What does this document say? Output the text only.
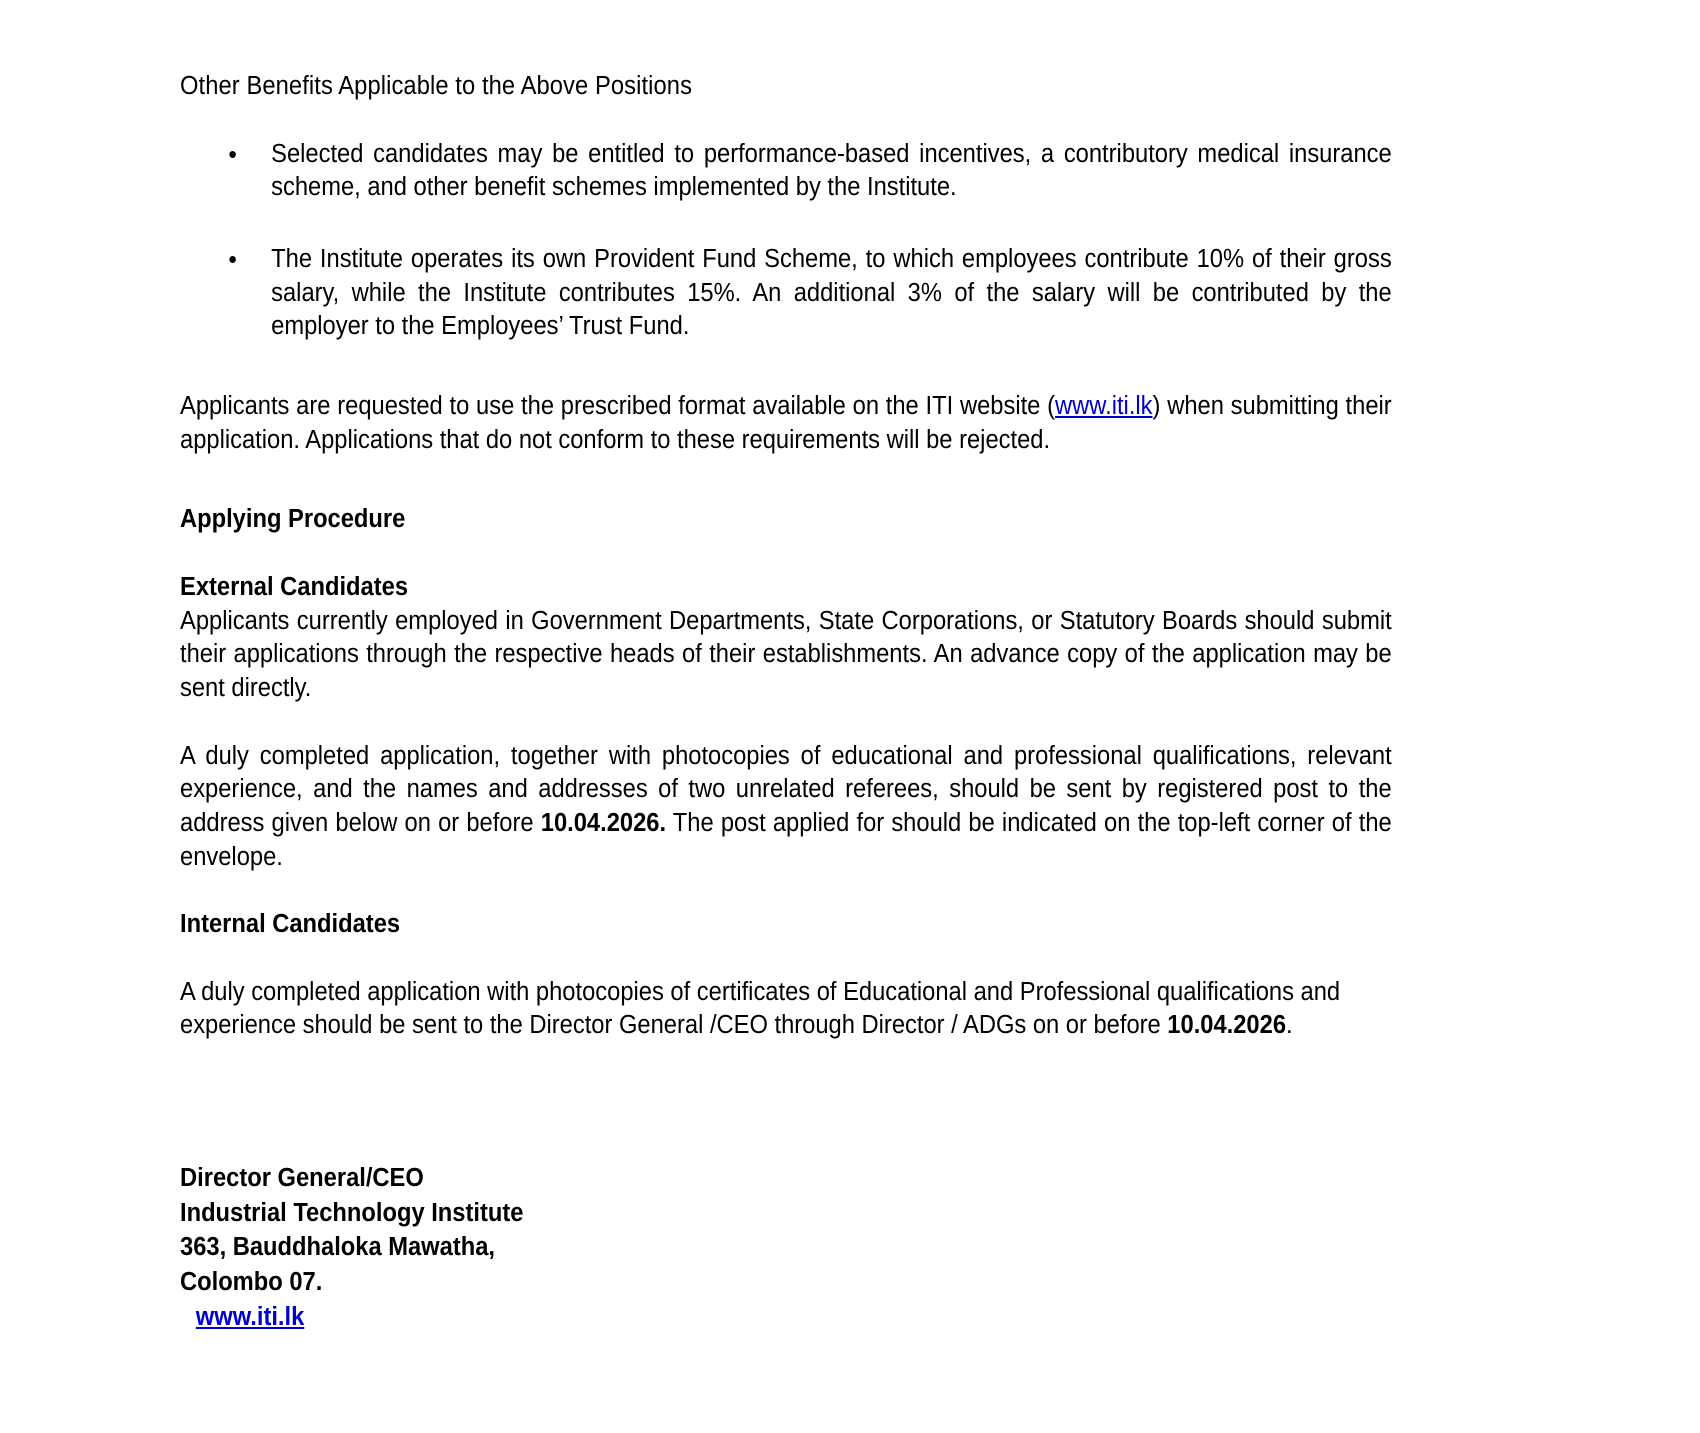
Other Benefits Applicable to the Above Positions
• Selected candidates may be entitled to performance-based incentives, a contributory medical insurance scheme, and other benefit schemes implemented by the Institute.
• The Institute operates its own Provident Fund Scheme, to which employees contribute 10% of their gross salary, while the Institute contributes 15%. An additional 3% of the salary will be contributed by the employer to the Employees’ Trust Fund.

Applicants are requested to use the prescribed format available on the ITI website (www.iti.lk) when submitting their application. Applications that do not conform to these requirements will be rejected.

Applying Procedure
External Candidates

Applicants currently employed in Government Departments, State Corporations, or Statutory Boards should submit their applications through the respective heads of their establishments. An advance copy of the application may be sent directly.

A duly completed application, together with photocopies of educational and professional qualifications, relevant experience, and the names and addresses of two unrelated referees, should be sent by registered post to the address given below on or before 10.04.2026. The post applied for should be indicated on the top-left corner of the envelope.

Internal Candidates

A duly completed application with photocopies of certificates of Educational and Professional qualifications and experience should be sent to the Director General /CEO through Director / ADGs on or before 10.04.2026.

Director General/CEO
Industrial Technology Institute
363, Bauddhaloka Mawatha,
Colombo 07.
www.iti.lk
